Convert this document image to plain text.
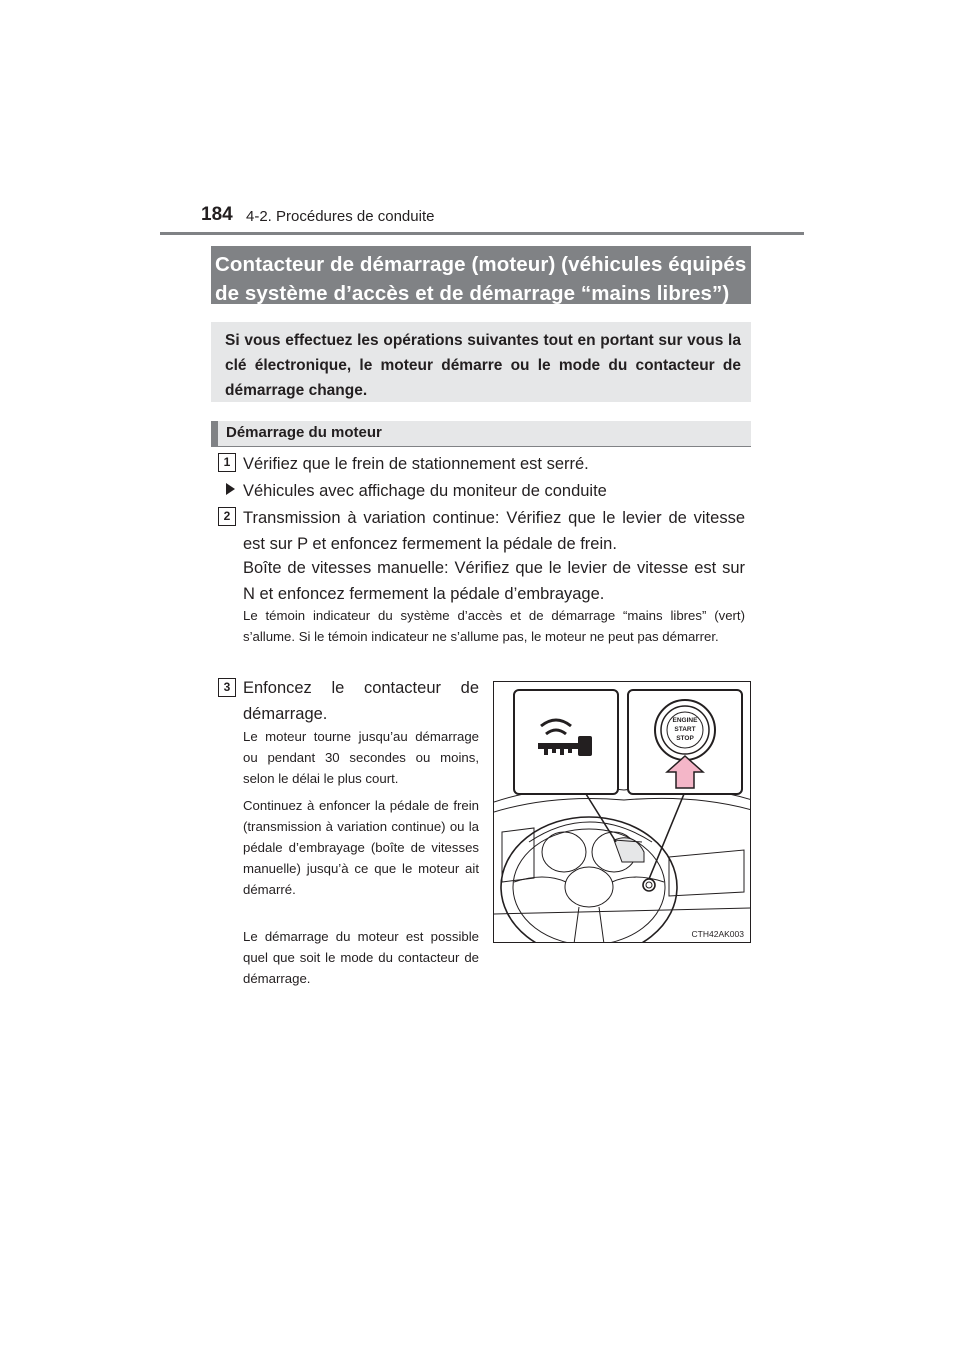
184 4-2. Procédures de conduite
Contacteur de démarrage (moteur) (véhicules équipés
de système d’accès et de démarrage “mains libres”)
Si vous effectuez les opérations suivantes tout en portant sur vous la clé électronique, le moteur démarre ou le mode du contacteur de démarrage change.
Démarrage du moteur
1 Vérifiez que le frein de stationnement est serré.
Véhicules avec affichage du moniteur de conduite
2 Transmission à variation continue: Vérifiez que le levier de vitesse est sur P et enfoncez fermement la pédale de frein.
Boîte de vitesses manuelle: Vérifiez que le levier de vitesse est sur N et enfoncez fermement la pédale d’embrayage.
Le témoin indicateur du système d’accès et de démarrage “mains libres” (vert) s’allume. Si le témoin indicateur ne s’allume pas, le moteur ne peut pas démarrer.
3 Enfoncez le contacteur de démarrage.
Le moteur tourne jusqu’au démarrage ou pendant 30 secondes ou moins, selon le délai le plus court.
Continuez à enfoncer la pédale de frein (transmission à variation continue) ou la pédale d’embrayage (boîte de vitesses manuelle) jusqu’à ce que le moteur ait démarré.
Le démarrage du moteur est possible quel que soit le mode du contacteur de démarrage.
ENGINE
START
STOP
CTH42AK003
